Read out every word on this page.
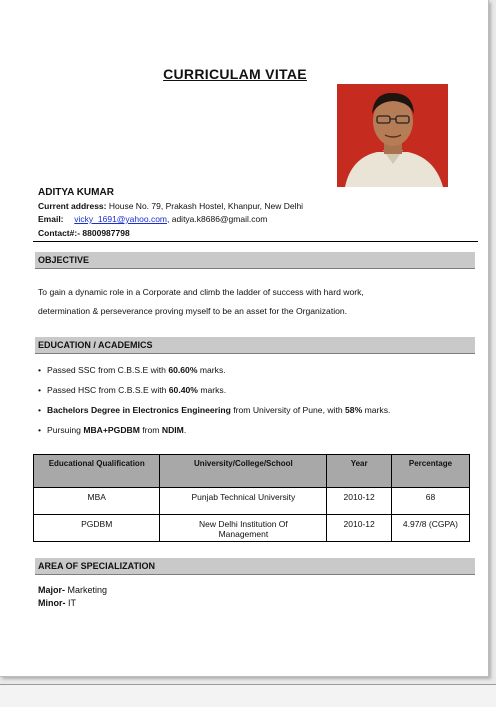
CURRICULAM VITAE
ADITYA KUMAR
Current address: House No. 79, Prakash Hostel, Khanpur, New Delhi
Email: vicky_1691@yahoo.com, aditya.k8686@gmail.com
Contact#:- 8800987798
OBJECTIVE
To gain a dynamic role in a Corporate and climb the ladder of success with hard work,
determination & perseverance proving myself to be an asset for the Organization.
EDUCATION / ACADEMICS
• Passed SSC from C.B.S.E with 60.60% marks.
• Passed HSC from C.B.S.E with 60.40% marks.
• Bachelors Degree in Electronics Engineering from University of Pune, with 58% marks.
• Pursuing MBA+PGDBM from NDIM.
Educational Qualification	University/College/School	Year	Percentage
MBA	Punjab Technical University	2010-12	68
PGDBM	New Delhi Institution Of Management	2010-12	4.97/8 (CGPA)
AREA OF SPECIALIZATION
Major- Marketing
Minor- IT
